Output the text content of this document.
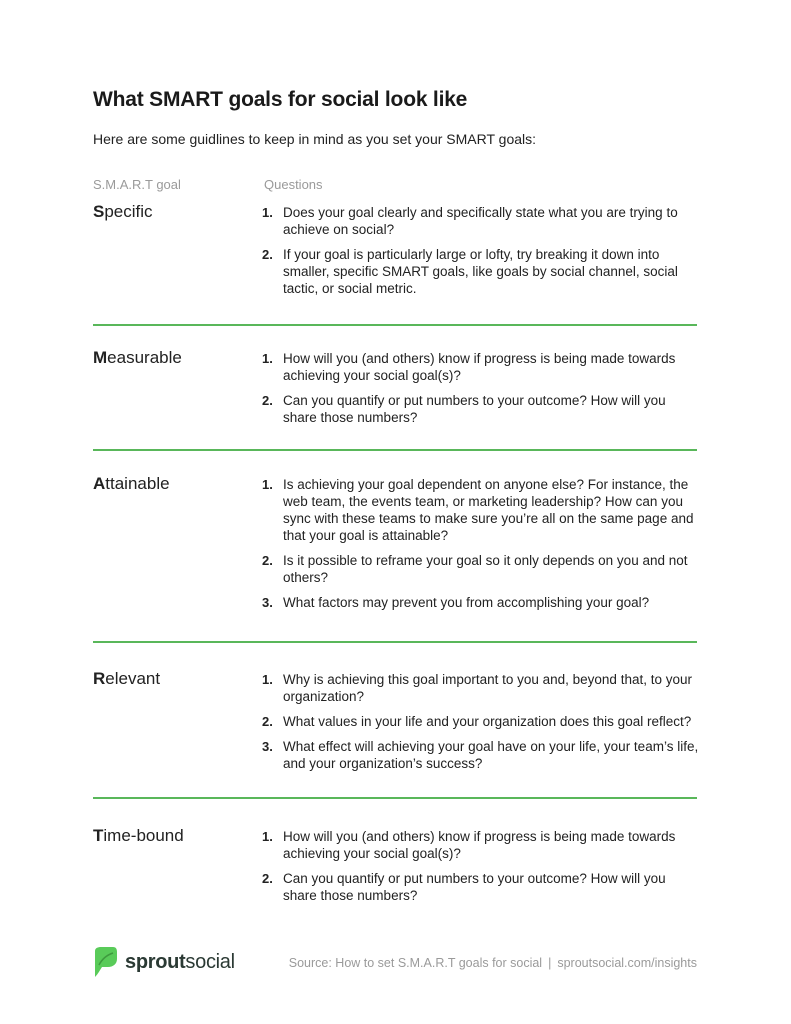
What SMART goals for social look like

Here are some guidlines to keep in mind as you set your SMART goals:

S.M.A.R.T goal	Questions
Specific	1. Does your goal clearly and specifically state what you are trying to achieve on social?
2. If your goal is particularly large or lofty, try breaking it down into smaller, specific SMART goals, like goals by social channel, social tactic, or social metric.
Measurable	1. How will you (and others) know if progress is being made towards achieving your social goal(s)?
2. Can you quantify or put numbers to your outcome? How will you share those numbers?
Attainable	1. Is achieving your goal dependent on anyone else? For instance, the web team, the events team, or marketing leadership? How can you sync with these teams to make sure you’re all on the same page and that your goal is attainable?
2. Is it possible to reframe your goal so it only depends on you and not others?
3. What factors may prevent you from accomplishing your goal?
Relevant	1. Why is achieving this goal important to you and, beyond that, to your organization?
2. What values in your life and your organization does this goal reflect?
3. What effect will achieving your goal have on your life, your team’s life, and your organization’s success?
Time-bound	1. How will you (and others) know if progress is being made towards achieving your social goal(s)?
2. Can you quantify or put numbers to your outcome? How will you share those numbers?
sproutsocial	Source: How to set S.M.A.R.T goals for social | sproutsocial.com/insights
